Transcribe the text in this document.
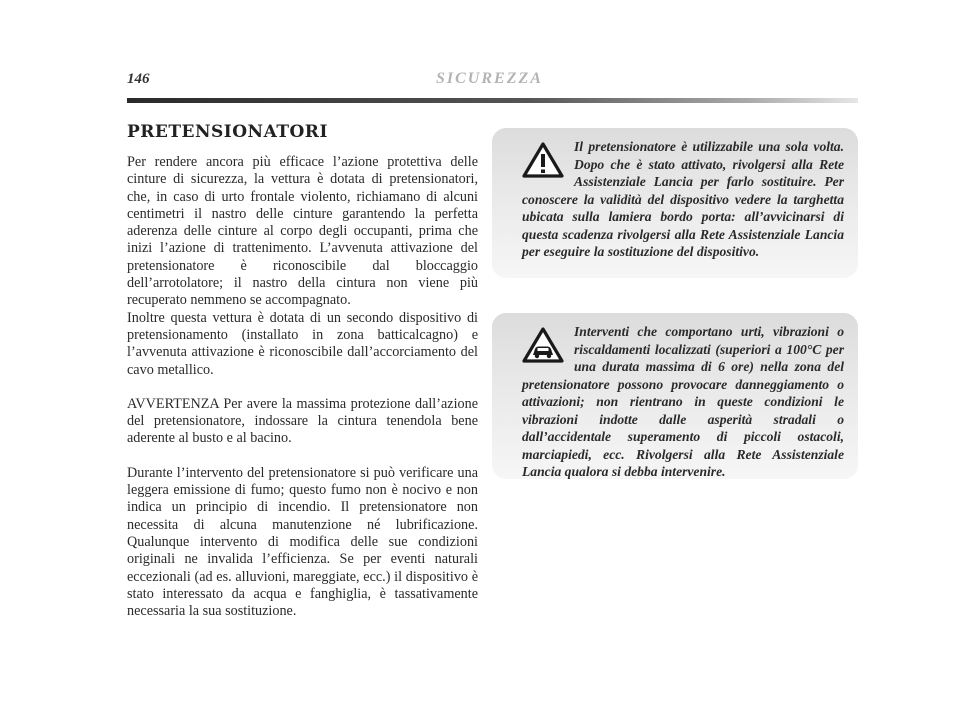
146	SICUREZZA
PRETENSIONATORI

Per rendere ancora più efficace l’azione protettiva delle cinture di sicurezza, la vettura è dotata di pretensionatori, che, in caso di urto frontale violento, richiamano di alcuni centimetri il nastro delle cinture garantendo la perfetta aderenza delle cinture al corpo degli occupanti, prima che inizi l’azione di trattenimento. L’avvenuta attivazione del pretensionatore è riconoscibile dal bloccaggio dell’arrotolatore; il nastro della cintura non viene più recuperato nemmeno se accompagnato.

Inoltre questa vettura è dotata di un secondo dispositivo di pretensionamento (installato in zona batticalcagno) e l’avvenuta attivazione è riconoscibile dall’accorciamento del cavo metallico.

AVVERTENZA Per avere la massima protezione dall’azione del pretensionatore, indossare la cintura tenendola bene aderente al busto e al bacino.

Durante l’intervento del pretensionatore si può verificare una leggera emissione di fumo; questo fumo non è nocivo e non indica un principio di incendio. Il pretensionatore non necessita di alcuna manutenzione né lubrificazione. Qualunque intervento di modifica delle sue condizioni originali ne invalida l’efficienza. Se per eventi naturali eccezionali (ad es. alluvioni, mareggiate, ecc.) il dispositivo è stato interessato da acqua e fanghiglia, è tassativamente necessaria la sua sostituzione.

Il pretensionatore è utilizzabile una sola volta. Dopo che è stato attivato, rivolgersi alla Rete Assistenziale Lancia per farlo sostituire. Per conoscere la validità del dispositivo vedere la targhetta ubicata sulla lamiera bordo porta: all’avvicinarsi di questa scadenza rivolgersi alla Rete Assistenziale Lancia per eseguire la sostituzione del dispositivo.

Interventi che comportano urti, vibrazioni o riscaldamenti localizzati (superiori a 100°C per una durata massima di 6 ore) nella zona del pretensionatore possono provocare danneggiamento o attivazioni; non rientrano in queste condizioni le vibrazioni indotte dalle asperità stradali o dall’accidentale superamento di piccoli ostacoli, marciapiedi, ecc. Rivolgersi alla Rete Assistenziale Lancia qualora si debba intervenire.
